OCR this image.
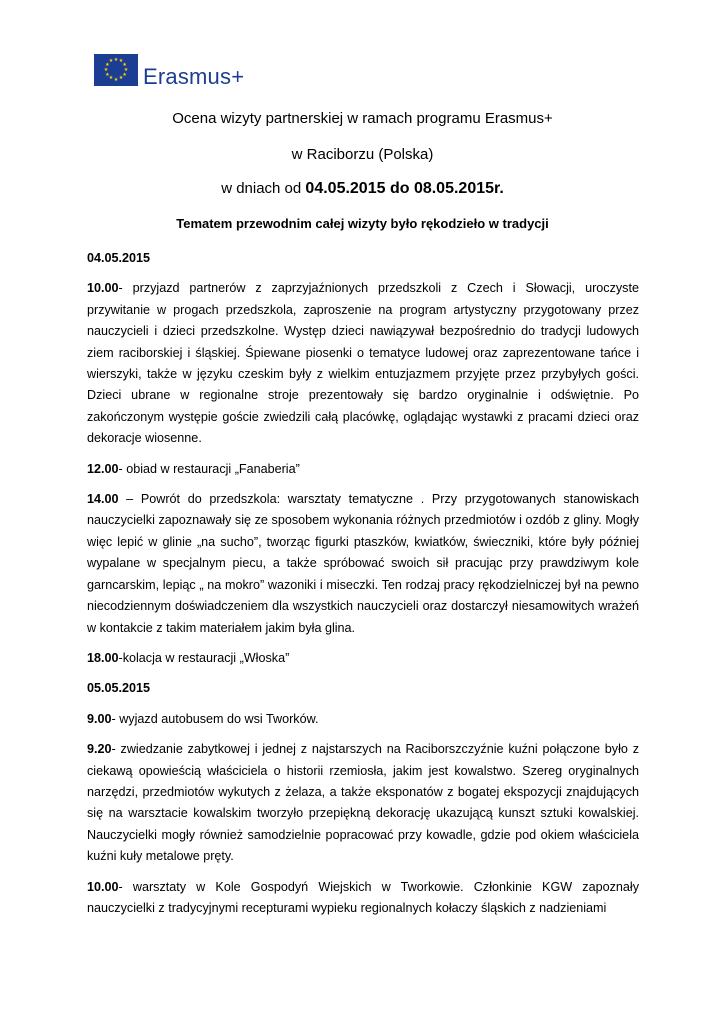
★ ★
★
★
★
★
★
★
★
★
★
★
Erasmus+
Ocena wizyty partnerskiej w ramach programu Erasmus+
w Raciborzu (Polska)
w dniach od 04.05.2015 do 08.05.2015r.
Tematem przewodnim całej wizyty było rękodzieło w tradycji

04.05.2015

10.00- przyjazd partnerów z zaprzyjaźnionych przedszkoli z Czech i Słowacji, uroczyste przywitanie w progach przedszkola, zaproszenie na program artystyczny przygotowany przez nauczycieli i dzieci przedszkolne. Występ dzieci nawiązywał bezpośrednio do tradycji ludowych ziem raciborskiej i śląskiej. Śpiewane piosenki o tematyce ludowej oraz zaprezentowane tańce i wierszyki, także w języku czeskim były z wielkim entuzjazmem przyjęte przez przybyłych gości. Dzieci ubrane w regionalne stroje prezentowały się bardzo oryginalnie i odświętnie. Po zakończonym występie goście zwiedzili całą placówkę, oglądając wystawki z pracami dzieci oraz dekoracje wiosenne.

12.00- obiad w restauracji „Fanaberia”

14.00 – Powrót do przedszkola: warsztaty tematyczne . Przy przygotowanych stanowiskach nauczycielki zapoznawały się ze sposobem wykonania różnych przedmiotów i ozdób z gliny. Mogły więc lepić w glinie „na sucho”, tworząc figurki ptaszków, kwiatków, świeczniki, które były później wypalane w specjalnym piecu, a także spróbować swoich sił pracując przy prawdziwym kole garncarskim, lepiąc „ na mokro” wazoniki i miseczki. Ten rodzaj pracy rękodzielniczej był na pewno niecodziennym doświadczeniem dla wszystkich nauczycieli oraz dostarczył niesamowitych wrażeń w kontakcie z takim materiałem jakim była glina.

18.00-kolacja w restauracji „Włoska”

05.05.2015

9.00- wyjazd autobusem do wsi Tworków.

9.20- zwiedzanie zabytkowej i jednej z najstarszych na Raciborszczyźnie kuźni połączone było z ciekawą opowieścią właściciela o historii rzemiosła, jakim jest kowalstwo. Szereg oryginalnych narzędzi, przedmiotów wykutych z żelaza, a także eksponatów z bogatej ekspozycji znajdujących się na warsztacie kowalskim tworzyło przepiękną dekorację ukazującą kunszt sztuki kowalskiej. Nauczycielki mogły również samodzielnie popracować przy kowadle, gdzie pod okiem właściciela kuźni kuły metalowe pręty.

10.00- warsztaty w Kole Gospodyń Wiejskich w Tworkowie. Członkinie KGW zapoznały nauczycielki z tradycyjnymi recepturami wypieku regionalnych kołaczy śląskich z nadzieniami
